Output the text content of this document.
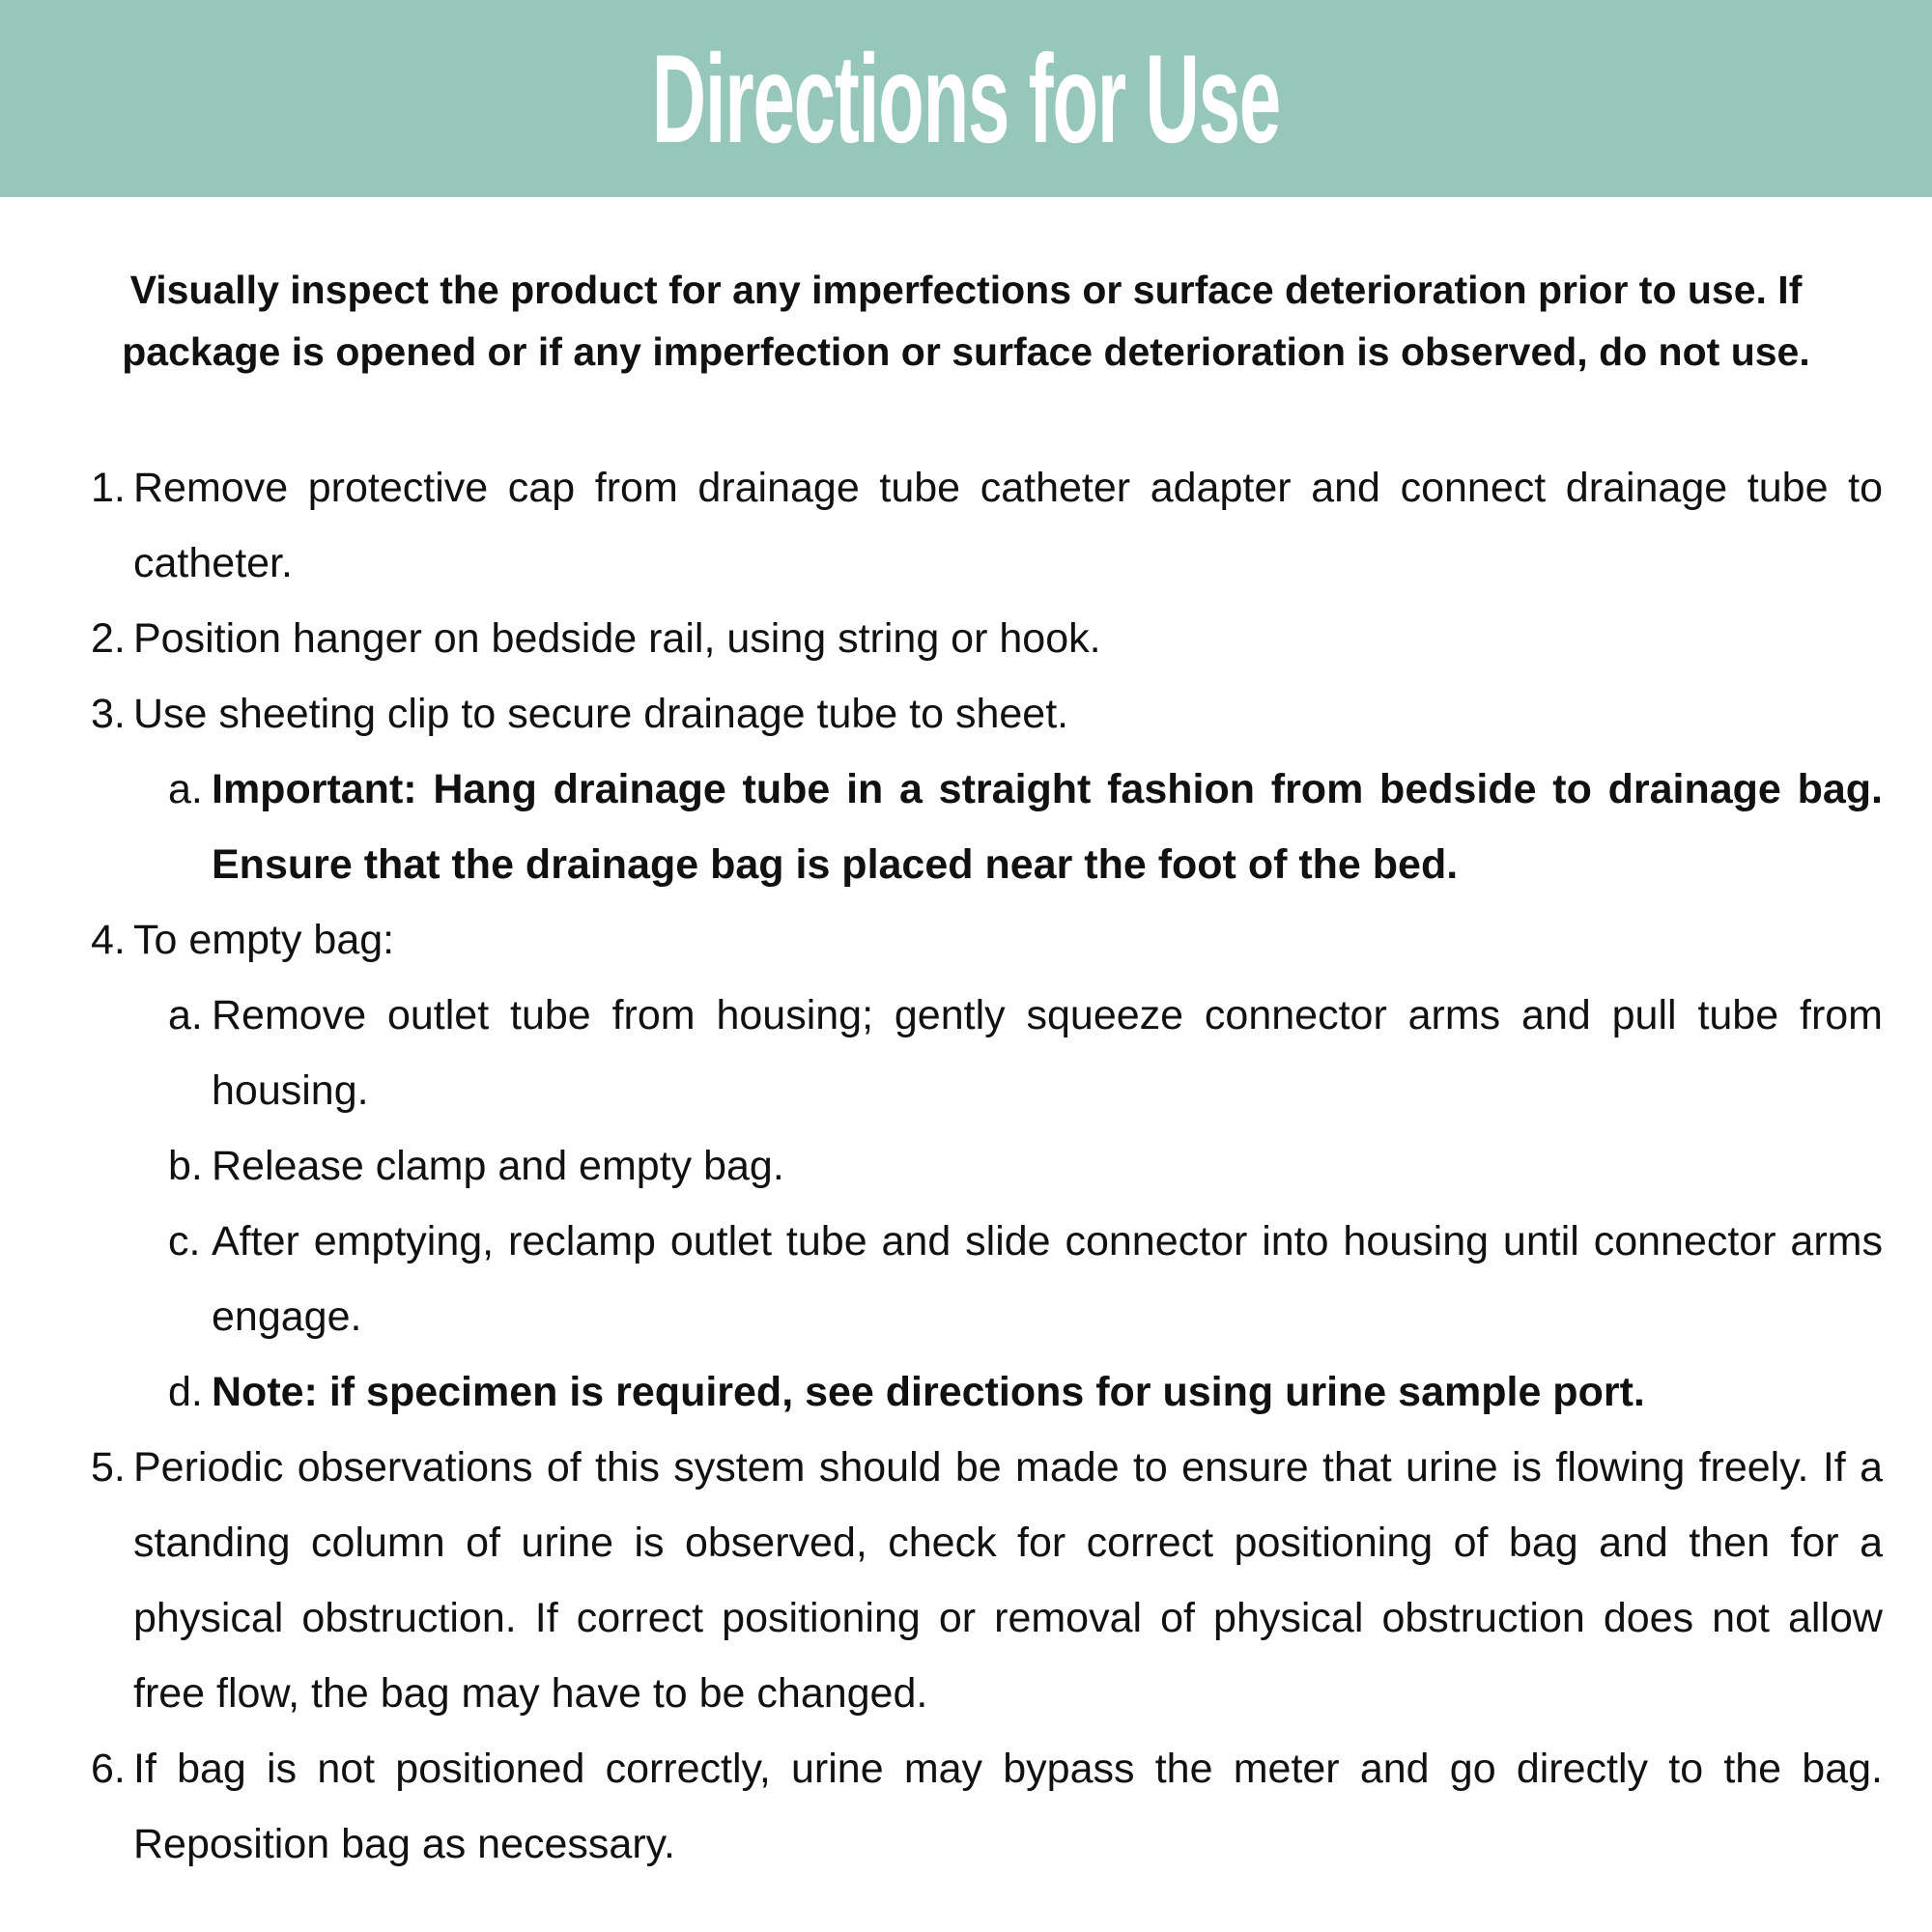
Directions for Use
Visually inspect the product for any imperfections or surface deterioration prior to use. If package is opened or if any imperfection or surface deterioration is observed, do not use.
1. Remove protective cap from drainage tube catheter adapter and connect drainage tube to catheter.
2. Position hanger on bedside rail, using string or hook.
3. Use sheeting clip to secure drainage tube to sheet.
a. Important: Hang drainage tube in a straight fashion from bedside to drainage bag. Ensure that the drainage bag is placed near the foot of the bed.
4. To empty bag:
a. Remove outlet tube from housing; gently squeeze connector arms and pull tube from housing.
b. Release clamp and empty bag.
c. After emptying, reclamp outlet tube and slide connector into housing until connector arms engage.
d. Note: if specimen is required, see directions for using urine sample port.
5. Periodic observations of this system should be made to ensure that urine is flowing freely. If a standing column of urine is observed, check for correct positioning of bag and then for a physical obstruction. If correct positioning or removal of physical obstruction does not allow free flow, the bag may have to be changed.
6. If bag is not positioned correctly, urine may bypass the meter and go directly to the bag. Reposition bag as necessary.
